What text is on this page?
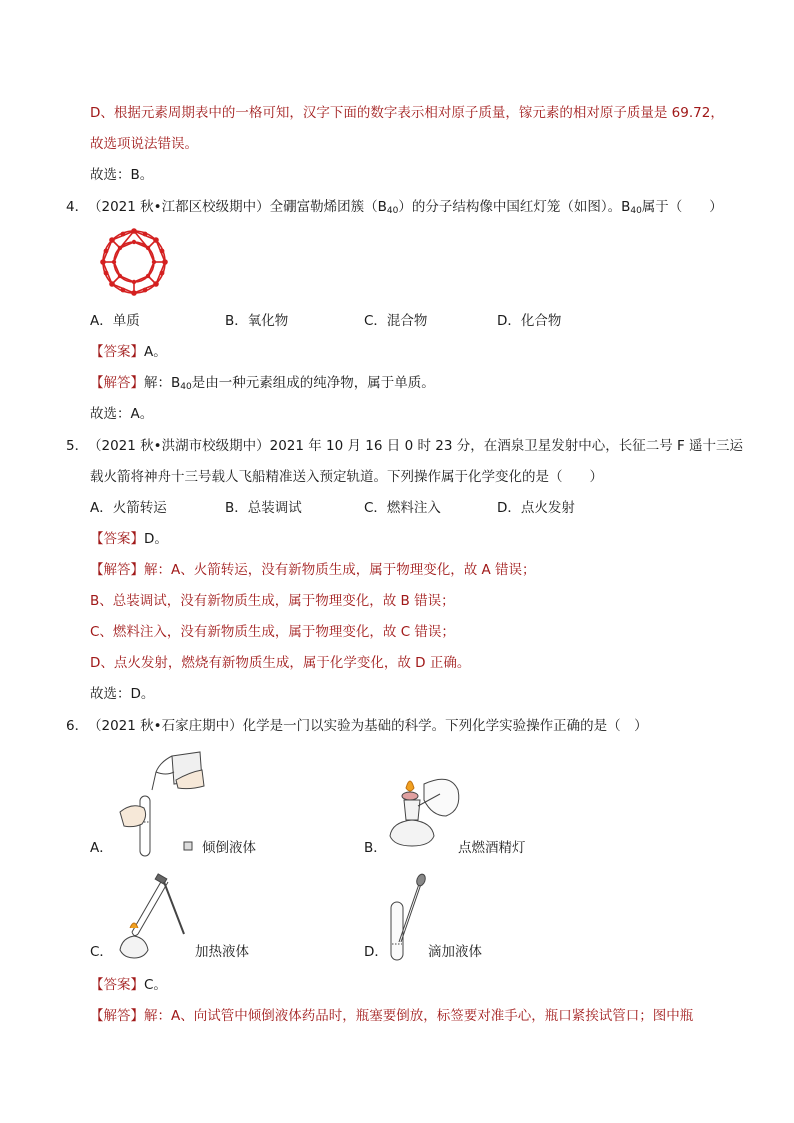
D、根据元素周期表中的一格可知，汉字下面的数字表示相对原子质量，镓元素的相对原子质量是 69.72，
故选项说法错误。
故选：B。
4． （2021 秋•江都区校级期中）全硼富勒烯团簇$(B_{40})$的分子结构像中国红灯笼（如图）。$B_{40}$属于（　　）
A．单质	B．氧化物	C．混合物	D．化合物
【答案】A。
【解答】解：$B_{40}$是由一种元素组成的纯净物，属于单质。
故选：A。
5． （2021 秋•洪湖市校级期中）2021 年 10 月 16 日 0 时 23 分，在酒泉卫星发射中心，长征二号 F 遥十三运
载火箭将神舟十三号载人飞船精准送入预定轨道。下列操作属于化学变化的是（　　）
A．火箭转运	B．总装调试	C．燃料注入	D．点火发射
【答案】D。
【解答】解：A、火箭转运，没有新物质生成，属于物理变化，故 A 错误；
B、总装调试，没有新物质生成，属于物理变化，故 B 错误；
C、燃料注入，没有新物质生成，属于物理变化，故 C 错误；
D、点火发射，燃烧有新物质生成，属于化学变化，故 D 正确。
故选：D。
6． （2021 秋•石家庄期中）化学是一门以实验为基础的科学。下列化学实验操作正确的是（　）
A．	倾倒液体	B．	点燃酒精灯
C．	加热液体	D．	滴加液体
【答案】C。
【解答】解：A、向试管中倾倒液体药品时，瓶塞要倒放，标签要对准手心，瓶口紧挨试管口；图中瓶
